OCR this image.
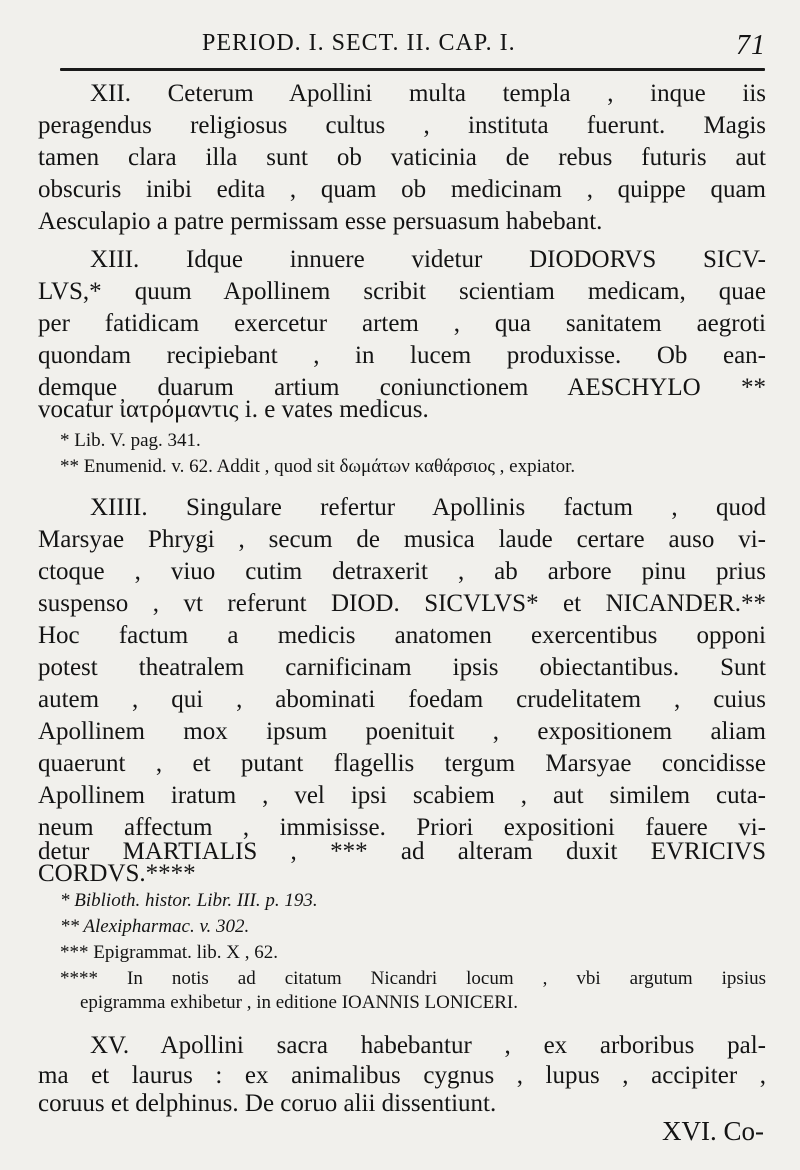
PERIOD. I. SECT. II. CAP. I.	71
XII. Ceterum Apollini multa templa , inque iis
peragendus religiosus cultus , instituta fuerunt. Magis
tamen clara illa sunt ob vaticinia de rebus futuris aut
obscuris inibi edita , quam ob medicinam , quippe quam
Aesculapio a patre permissam esse persuasum habebant.
XIII. Idque innuere videtur DIODORVS SICV-
LVS,* quum Apollinem scribit scientiam medicam, quae
per fatidicam exercetur artem , qua sanitatem aegroti
quondam recipiebant , in lucem produxisse. Ob ean-
demque duarum artium coniunctionem AESCHYLO **
vocatur ἰατρόμαντις i. e vates medicus.
* Lib. V. pag. 341.
** Enumenid. v. 62. Addit , quod sit δωμάτων καθάρσιος , expiator.
XIIII. Singulare refertur Apollinis factum , quod
Marsyae Phrygi , secum de musica laude certare auso vi-
ctoque , viuo cutim detraxerit , ab arbore pinu prius
suspenso , vt referunt DIOD. SICVLVS* et NICANDER.**
Hoc factum a medicis anatomen exercentibus opponi
potest theatralem carnificinam ipsis obiectantibus. Sunt
autem , qui , abominati foedam crudelitatem , cuius
Apollinem mox ipsum poenituit , expositionem aliam
quaerunt , et putant flagellis tergum Marsyae concidisse
Apollinem iratum , vel ipsi scabiem , aut similem cuta-
neum affectum , immisisse. Priori expositioni fauere vi-
detur MARTIALIS , *** ad alteram duxit EVRICIVS
CORDVS.****
* Biblioth. histor. Libr. III. p. 193.
** Alexipharmac. v. 302.
*** Epigrammat. lib. X , 62.
**** In notis ad citatum Nicandri locum , vbi argutum ipsius
epigramma exhibetur , in editione IOANNIS LONICERI.
XV. Apollini sacra habebantur , ex arboribus pal-
ma et laurus : ex animalibus cygnus , lupus , accipiter ,
coruus et delphinus. De coruo alii dissentiunt.
XVI. Co-
